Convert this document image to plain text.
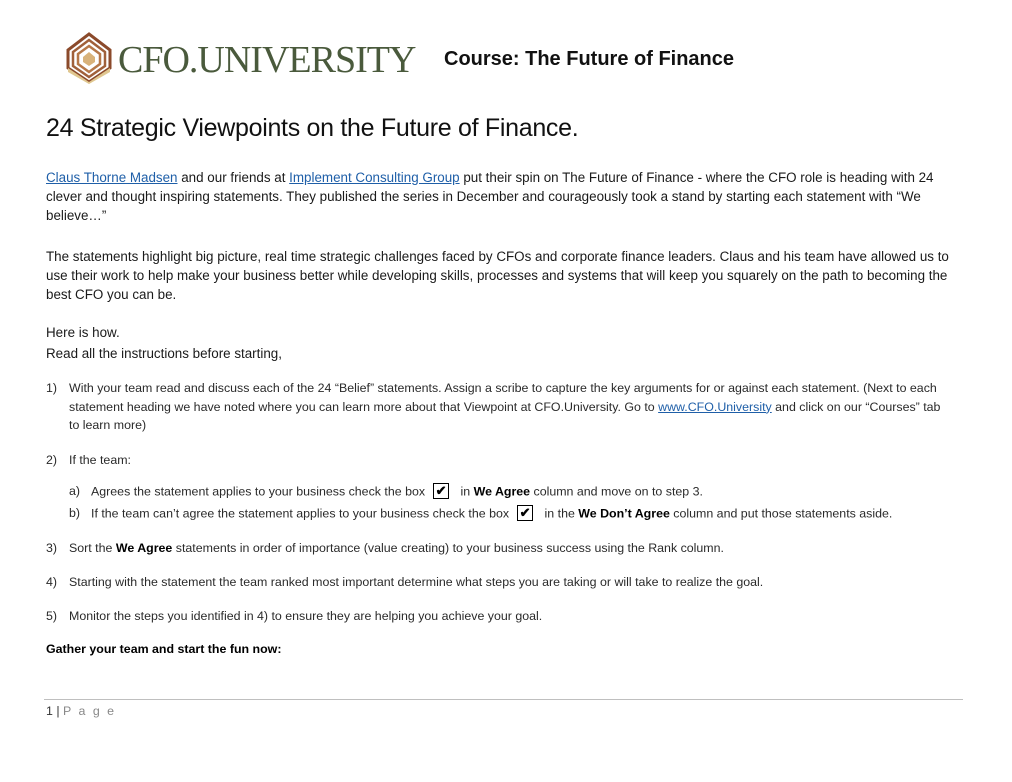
CFO.UNIVERSITY Course: The Future of Finance
24 Strategic Viewpoints on the Future of Finance.
Claus Thorne Madsen and our friends at Implement Consulting Group put their spin on The Future of Finance - where the CFO role is heading with 24 clever and thought inspiring statements. They published the series in December and courageously took a stand by starting each statement with “We believe…”
The statements highlight big picture, real time strategic challenges faced by CFOs and corporate finance leaders. Claus and his team have allowed us to use their work to help make your business better while developing skills, processes and systems that will keep you squarely on the path to becoming the best CFO you can be.
Here is how.
Read all the instructions before starting,
1) With your team read and discuss each of the 24 “Belief” statements. Assign a scribe to capture the key arguments for or against each statement. (Next to each statement heading we have noted where you can learn more about that Viewpoint at CFO.University. Go to www.CFO.University and click on our “Courses” tab to learn more)
2) If the team:
a) Agrees the statement applies to your business check the box ✔ in We Agree column and move on to step 3.
b) If the team can’t agree the statement applies to your business check the box ✔ in the We Don’t Agree column and put those statements aside.
3) Sort the We Agree statements in order of importance (value creating) to your business success using the Rank column.
4) Starting with the statement the team ranked most important determine what steps you are taking or will take to realize the goal.
5) Monitor the steps you identified in 4) to ensure they are helping you achieve your goal.
Gather your team and start the fun now:
1 | P a g e
